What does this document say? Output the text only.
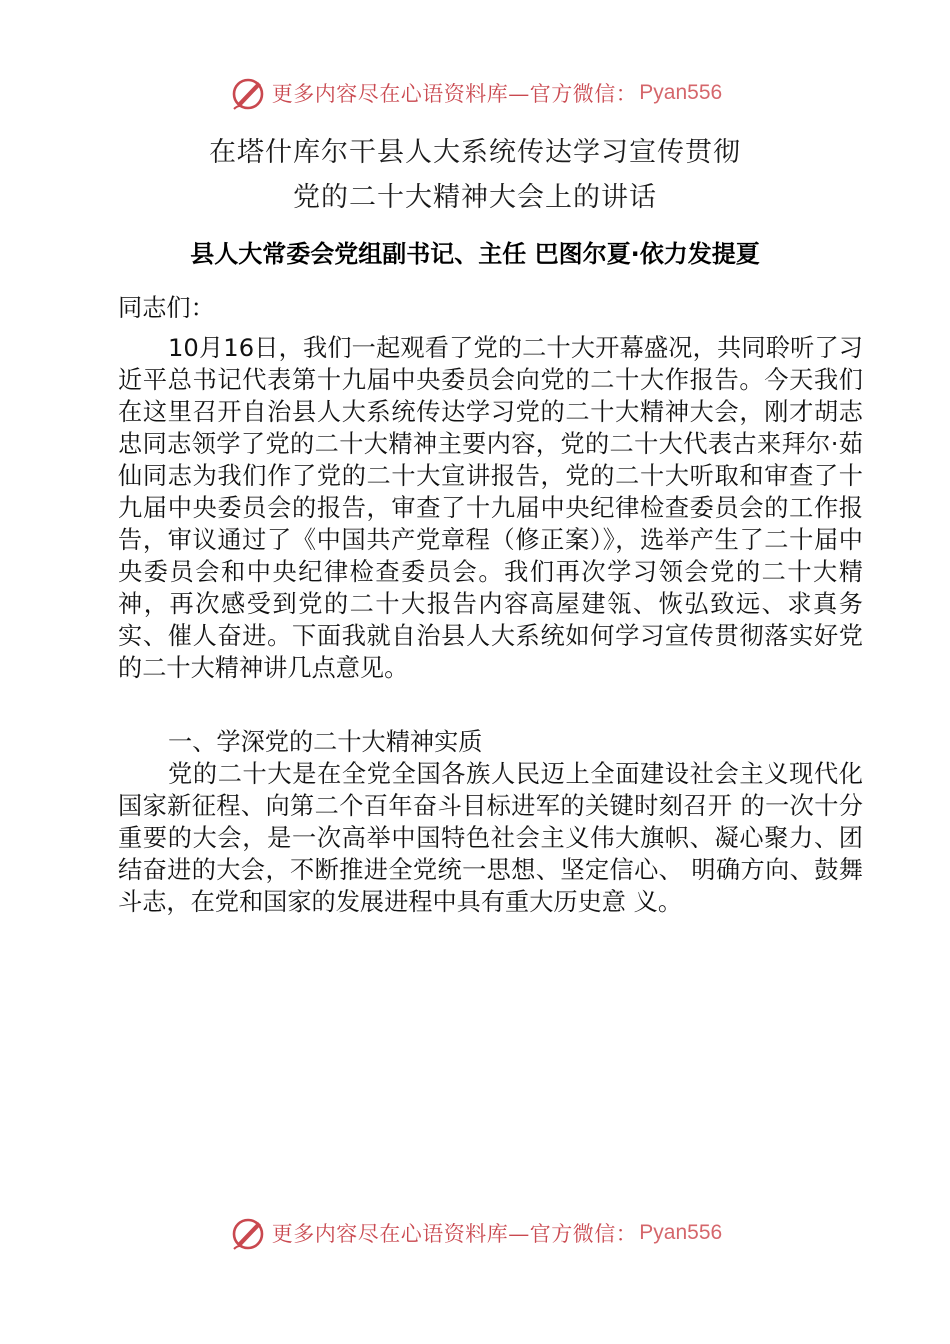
更多内容尽在心语资料库—官方微信： Pyan556
在塔什库尔干县人大系统传达学习宣传贯彻
党的二十大精神大会上的讲话
县人大常委会党组副书记、主任 巴图尔夏·依力发提夏
同志们：
10月16日，我们一起观看了党的二十大开幕盛况，共同聆听了习近平总书记代表第十九届中央委员会向党的二十大作报告。今天我们在这里召开自治县人大系统传达学习党的二十大精神大会，刚才胡志忠同志领学了党的二十大精神主要内容，党的二十大代表古来拜尔·茹仙同志为我们作了党的二十大宣讲报告，党的二十大听取和审查了十九届中央委员会的报告，审查了十九届中央纪律检查委员会的工作报告，审议通过了《中国共产党章程（修正案）》，选举产生了二十届中央委员会和中央纪律检查委员会。我们再次学习领会党的二十大精神，再次感受到党的二十大报告内容高屋建瓴、恢弘致远、求真务实、催人奋进。下面我就自治县人大系统如何学习宣传贯彻落实好党的二十大精神讲几点意见。
一、学深党的二十大精神实质
党的二十大是在全党全国各族人民迈上全面建设社会主义现代化国家新征程、向第二个百年奋斗目标进军的关键时刻召开 的一次十分重要的大会，是一次高举中国特色社会主义伟大旗帜、凝心聚力、团结奋进的大会，不断推进全党统一思想、坚定信心、 明确方向、鼓舞斗志，在党和国家的发展进程中具有重大历史意 义。
更多内容尽在心语资料库—官方微信： Pyan556
